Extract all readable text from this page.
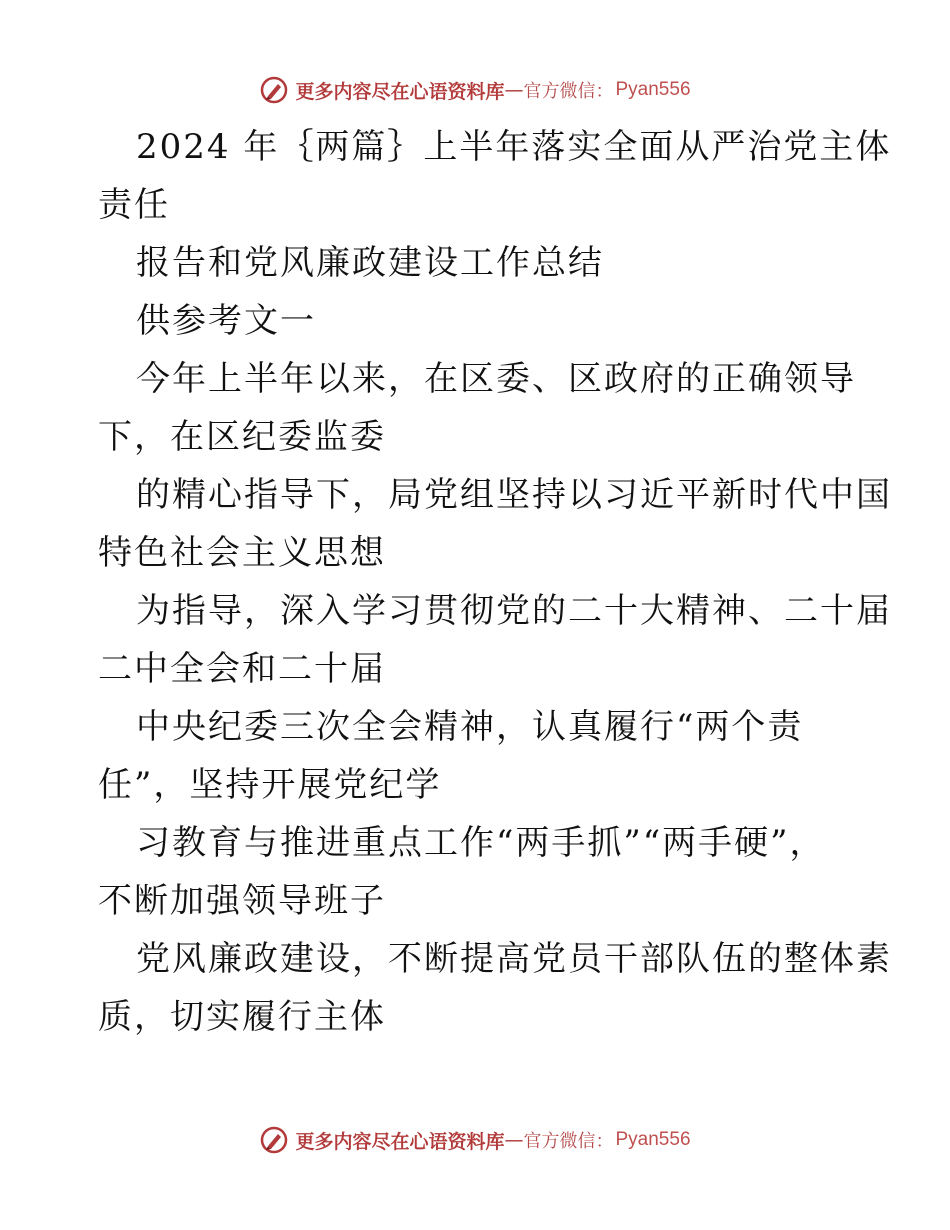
更多内容尽在心语资料库 — 官方微信： Pyan556
2024 年｛两篇｝上半年落实全面从严治党主体
责任
报告和党风廉政建设工作总结
供参考文一
今年上半年以来，在区委、区政府的正确领导
下，在区纪委监委
的精心指导下，局党组坚持以习近平新时代中国
特色社会主义思想
为指导，深入学习贯彻党的二十大精神、二十届
二中全会和二十届
中央纪委三次全会精神，认真履行“两个责
任”，坚持开展党纪学
习教育与推进重点工作“两手抓”“两手硬”，
不断加强领导班子
党风廉政建设，不断提高党员干部队伍的整体素
质，切实履行主体
更多内容尽在心语资料库 — 官方微信： Pyan556
